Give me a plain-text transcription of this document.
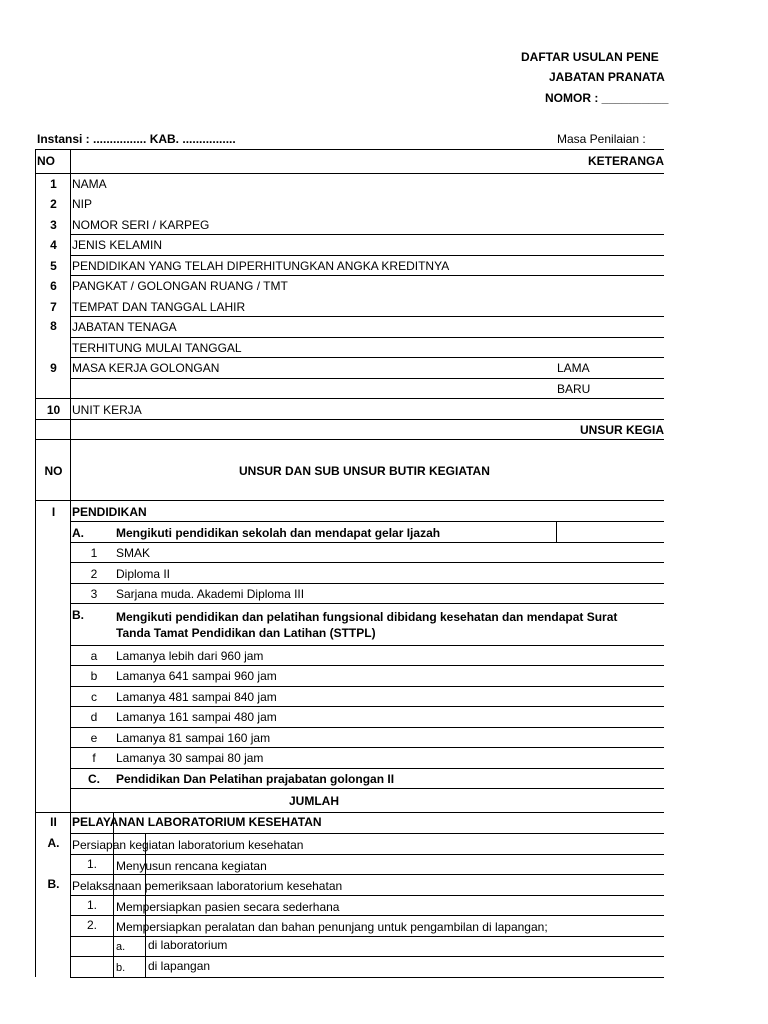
DAFTAR USULAN PENE
JABATAN PRANATA
NOMOR : __________
Instansi : ................ KAB. ................	Masa Penilaian :
NO	KETERANGA
1	NAMA
2	NIP
3	NOMOR SERI / KARPEG
4	JENIS KELAMIN
5	PENDIDIKAN YANG TELAH DIPERHITUNGKAN ANGKA KREDITNYA
6	PANGKAT / GOLONGAN RUANG / TMT
7	TEMPAT DAN TANGGAL LAHIR
8	JABATAN TENAGA
TERHITUNG MULAI TANGGAL
9	MASA KERJA GOLONGAN	LAMA
BARU
10 UNIT KERJA
UNSUR KEGIA
NO	UNSUR DAN SUB UNSUR BUTIR KEGIATAN
I	PENDIDIKAN
A.	Mengikuti pendidikan sekolah dan mendapat gelar Ijazah
1	SMAK
2	Diploma II
3	Sarjana muda. Akademi Diploma III
B.	Mengikuti pendidikan dan pelatihan fungsional dibidang kesehatan dan mendapat Surat
Tanda Tamat Pendidikan dan Latihan (STTPL)
a	Lamanya lebih dari 960 jam
b	Lamanya 641 sampai 960 jam
c	Lamanya 481 sampai 840 jam
d	Lamanya 161 sampai 480 jam
e	Lamanya 81 sampai 160 jam
f	Lamanya 30 sampai 80 jam
C.	Pendidikan Dan Pelatihan prajabatan golongan II
JUMLAH
II	PELAYANAN LABORATORIUM KESEHATAN
A.	Persiapan kegiatan laboratorium kesehatan
1.	Menyusun rencana kegiatan
B.	Pelaksanaan pemeriksaan laboratorium kesehatan
1.	Mempersiapkan pasien secara sederhana
2.	Mempersiapkan peralatan dan bahan penunjang untuk pengambilan di lapangan;
a. di laboratorium
b. di lapangan
